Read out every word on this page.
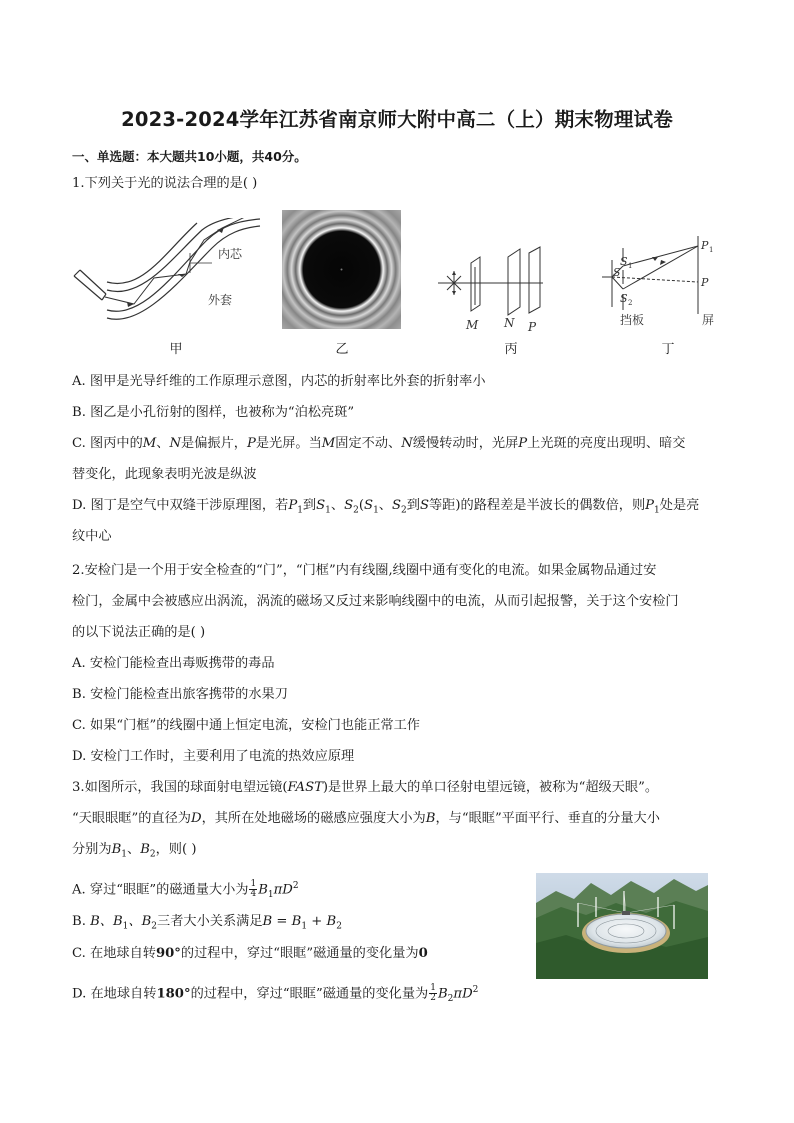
2023-2024学年江苏省南京师大附中高二（上）期末物理试卷
一、单选题：本大题共10小题，共40分。
1.下列关于光的说法合理的是( )
内芯
外套
甲	乙
M N P
丙
S 1
S
S 2
P 1
P
挡板	屏
丁
A. 图甲是光导纤维的工作原理示意图，内芯的折射率比外套的折射率小
B. 图乙是小孔衍射的图样，也被称为“泊松亮斑”
C. 图丙中的M、N是偏振片，P是光屏。当M固定不动、N缓慢转动时，光屏P上光斑的亮度出现明、暗交
替变化，此现象表明光波是纵波
D. 图丁是空气中双缝干涉原理图，若$P_1$到$S_1$、$S_2(S_1$、$S_2$到S等距)的路程差是半波长的偶数倍，则$P_1$处是亮
纹中心
2.安检门是一个用于安全检查的“门”，“门框”内有线圈,线圈中通有变化的电流。如果金属物品通过安
检门，金属中会被感应出涡流，涡流的磁场又反过来影响线圈中的电流，从而引起报警，关于这个安检门
的以下说法正确的是( )
A. 安检门能检查出毒贩携带的毒品
B. 安检门能检查出旅客携带的水果刀
C. 如果“门框”的线圈中通上恒定电流，安检门也能正常工作
D. 安检门工作时，主要利用了电流的热效应原理
3.如图所示，我国的球面射电望远镜(FAST)是世界上最大的单口径射电望远镜，被称为“超级天眼”。
“天眼眼眶”的直径为D，其所在处地磁场的磁感应强度大小为B，与“眼眶”平面平行、垂直的分量大小
分别为$B_1$、$B_2$，则( )
A. 穿过“眼眶”的磁通量大小为 $\frac{1}{4} B_1\pi D^2$
B. B、$B_1$、$B_2$三者大小关系满足$B = B_1 + B_2$
C. 在地球自转90°的过程中，穿过“眼眶”磁通量的变化量为0
D. 在地球自转180°的过程中，穿过“眼眶”磁通量的变化量为 $\frac{1}{2} B_2\pi D^2$
